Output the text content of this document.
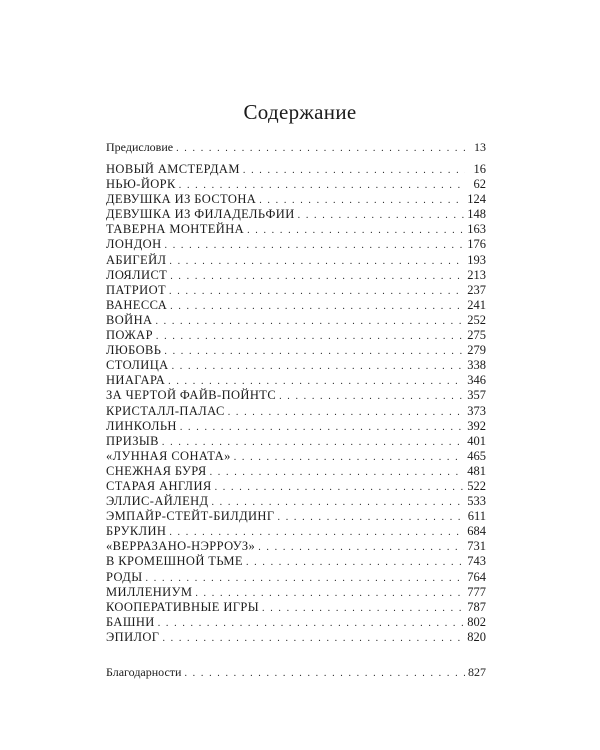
Содержание
Предисловие . . .	13
НОВЫЙ АМСТЕРДАМ . . .	16
НЬЮ-ЙОРК . . .	62
ДЕВУШКА ИЗ БОСТОНА . . .	124
ДЕВУШКА ИЗ ФИЛАДЕЛЬФИИ . . .	148
ТАВЕРНА МОНТЕЙНА . . .	163
ЛОНДОН . . .	176
АБИГЕЙЛ . . .	193
ЛОЯЛИСТ . . .	213
ПАТРИОТ . . .	237
ВАНЕССА . . .	241
ВОЙНА . . .	252
ПОЖАР . . .	275
ЛЮБОВЬ . . .	279
СТОЛИЦА . . .	338
НИАГАРА . . .	346
ЗА ЧЕРТОЙ ФАЙВ-ПОЙНТС . . .	357
КРИСТАЛЛ-ПАЛАС . . .	373
ЛИНКОЛЬН . . .	392
ПРИЗЫВ . . .	401
«ЛУННАЯ СОНАТА» . . .	465
СНЕЖНАЯ БУРЯ . . .	481
СТАРАЯ АНГЛИЯ . . .	522
ЭЛЛИС-АЙЛЕНД . . .	533
ЭМПАЙР-СТЕЙТ-БИЛДИНГ . . .	611
БРУКЛИН . . .	684
«ВЕРРАЗАНО-НЭРРОУЗ» . . .	731
В КРОМЕШНОЙ ТЬМЕ . . .	743
РОДЫ . . .	764
МИЛЛЕНИУМ . . .	777
КООПЕРАТИВНЫЕ ИГРЫ . . .	787
БАШНИ . . .	802
ЭПИЛОГ . . .	820
Благодарности . . .	827
